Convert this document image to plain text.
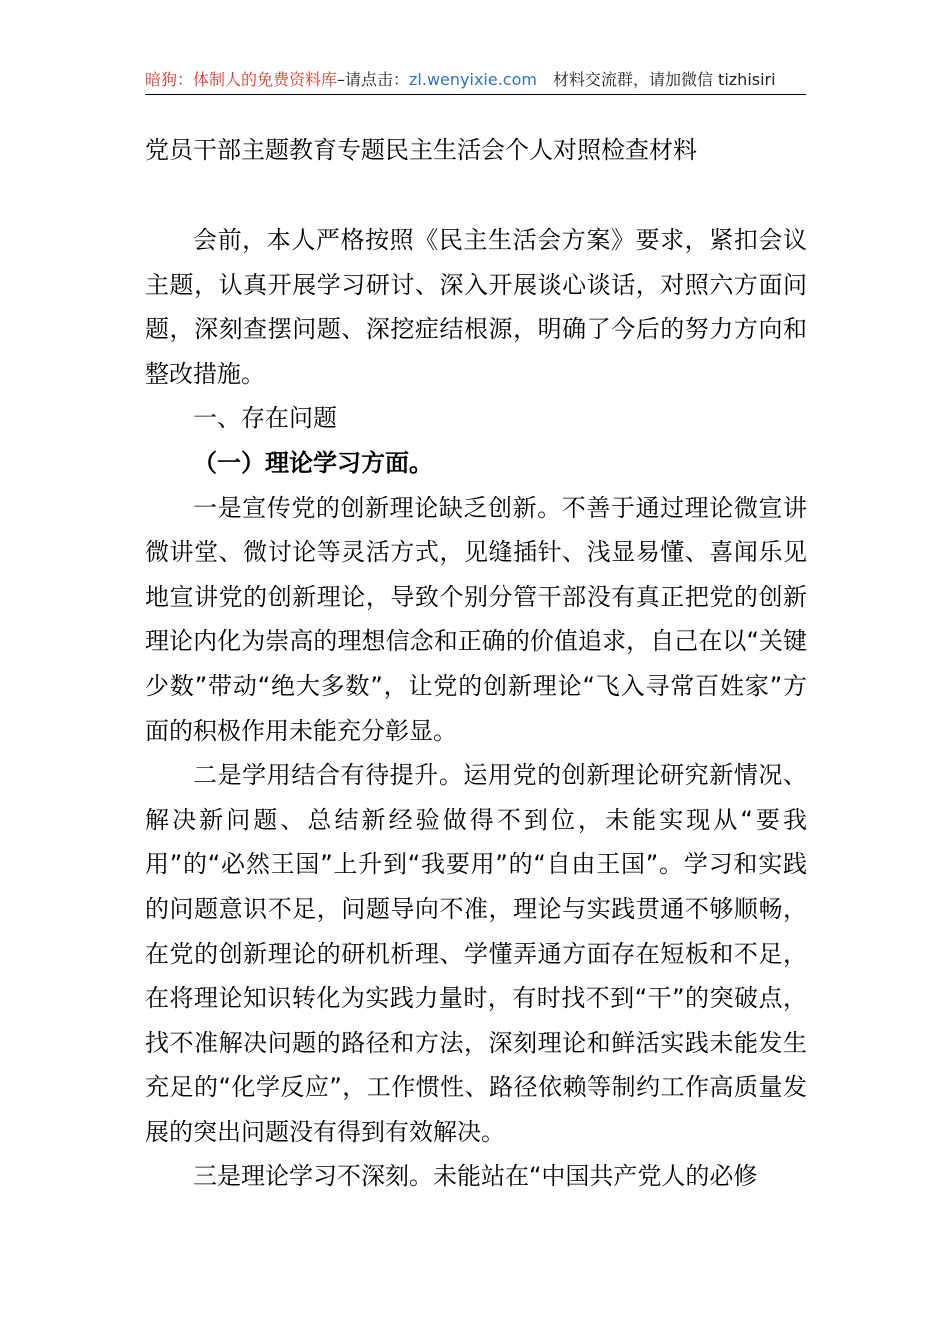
暗狗：体制人的免费资料库–请点击：zl.wenyixie.com 材料交流群，请加微信 tizhisiri
党员干部主题教育专题民主生活会个人对照检查材料

会前，本人严格按照《民主生活会方案》要求，紧扣会议主题，认真开展学习研讨、深入开展谈心谈话，对照六方面问题，深刻查摆问题、深挖症结根源，明确了今后的努力方向和整改措施。

一、存在问题

（一）理论学习方面。

一是宣传党的创新理论缺乏创新。不善于通过理论微宣讲微讲堂、微讨论等灵活方式，见缝插针、浅显易懂、喜闻乐见地宣讲党的创新理论，导致个别分管干部没有真正把党的创新理论内化为崇高的理想信念和正确的价值追求，自己在以“关键少数”带动“绝大多数”，让党的创新理论“飞入寻常百姓家”方面的积极作用未能充分彰显。

二是学用结合有待提升。运用党的创新理论研究新情况、解决新问题、总结新经验做得不到位，未能实现从“要我用”的“必然王国”上升到“我要用”的“自由王国”。学习和实践的问题意识不足，问题导向不准，理论与实践贯通不够顺畅，在党的创新理论的研机析理、学懂弄通方面存在短板和不足，在将理论知识转化为实践力量时，有时找不到“干”的突破点，找不准解决问题的路径和方法，深刻理论和鲜活实践未能发生充足的“化学反应”，工作惯性、路径依赖等制约工作高质量发展的突出问题没有得到有效解决。

三是理论学习不深刻。未能站在“中国共产党人的必修
